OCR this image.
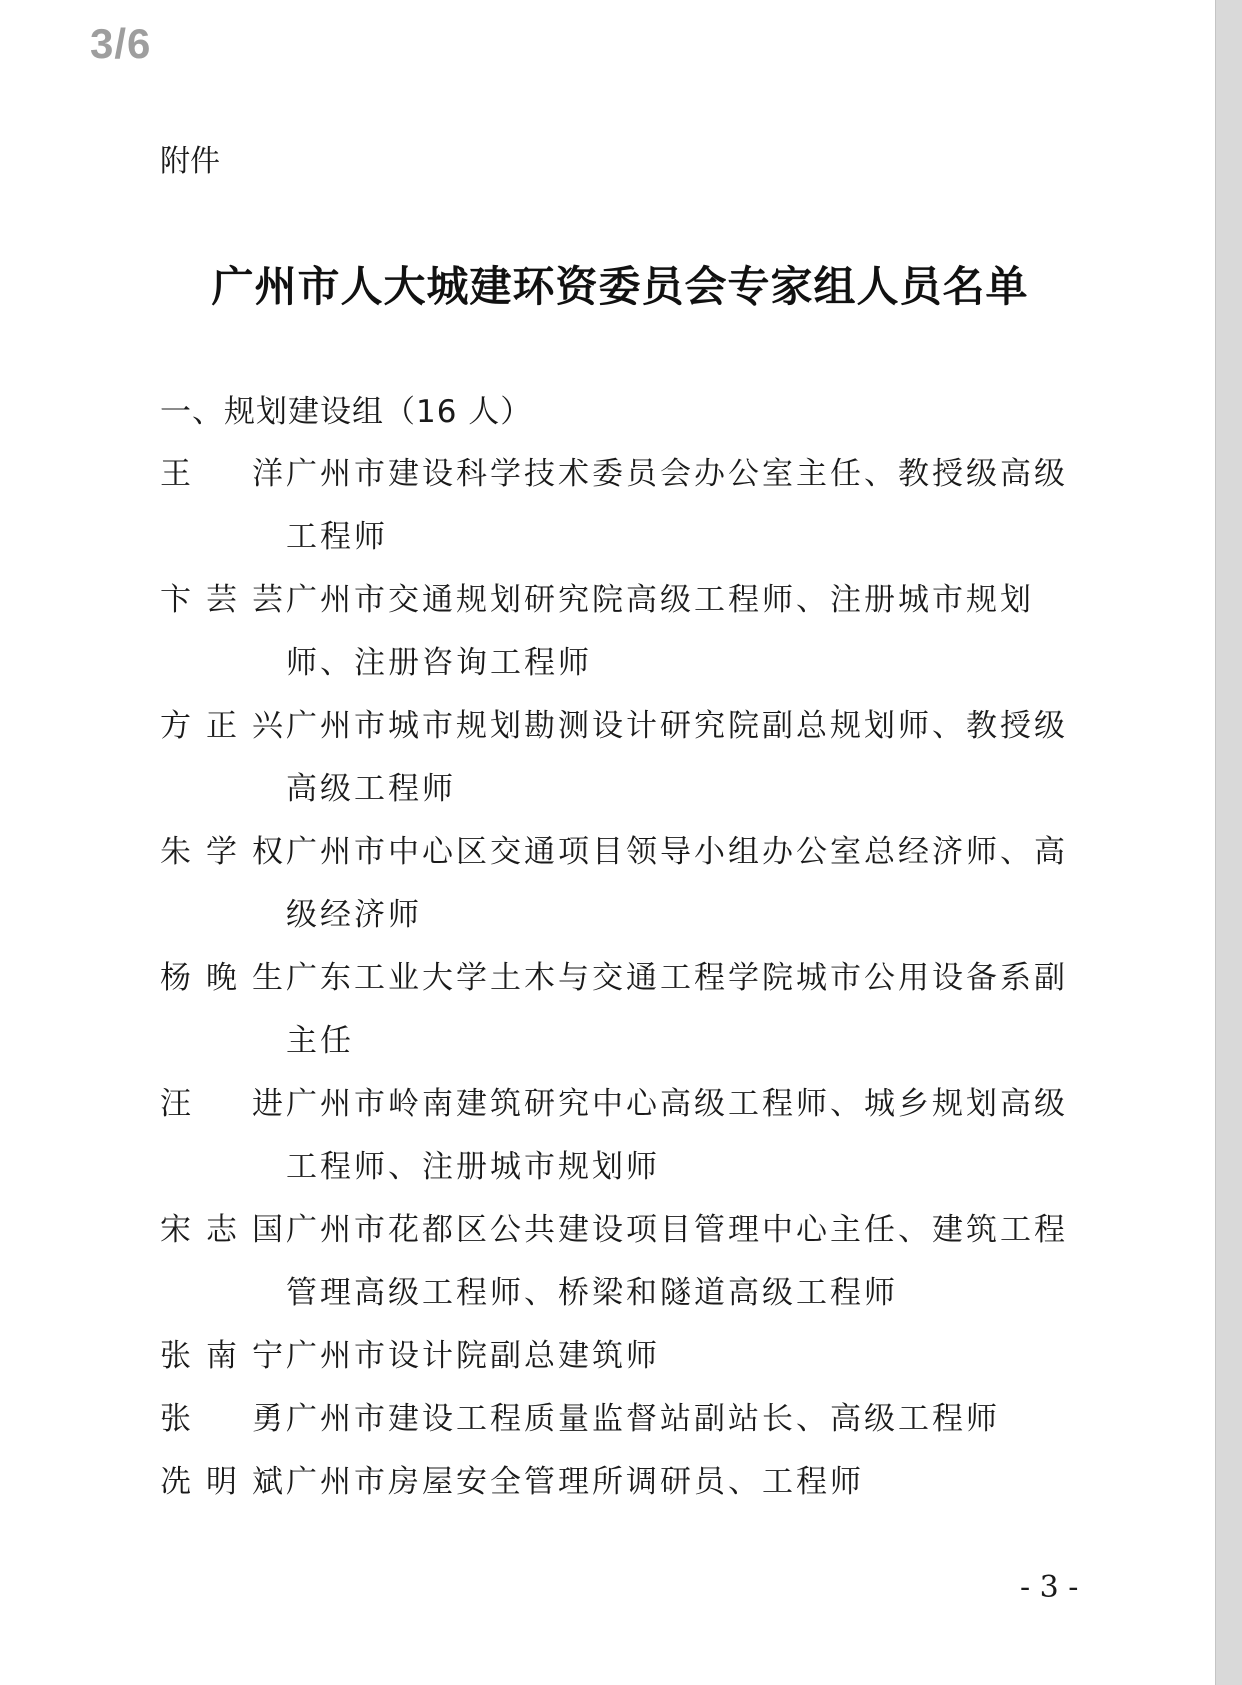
3/6
附件
广州市人大城建环资委员会专家组人员名单
一、规划建设组（16 人）
王　洋 广州市建设科学技术委员会办公室主任、教授级高级工程师
卞芸芸 广州市交通规划研究院高级工程师、注册城市规划师、注册咨询工程师
方正兴 广州市城市规划勘测设计研究院副总规划师、教授级高级工程师
朱学权 广州市中心区交通项目领导小组办公室总经济师、高级经济师
杨晚生 广东工业大学土木与交通工程学院城市公用设备系副主任
汪　进 广州市岭南建筑研究中心高级工程师、城乡规划高级工程师、注册城市规划师
宋志国 广州市花都区公共建设项目管理中心主任、建筑工程管理高级工程师、桥梁和隧道高级工程师
张南宁 广州市设计院副总建筑师
张　勇 广州市建设工程质量监督站副站长、高级工程师
冼明斌 广州市房屋安全管理所调研员、工程师
- 3 -
